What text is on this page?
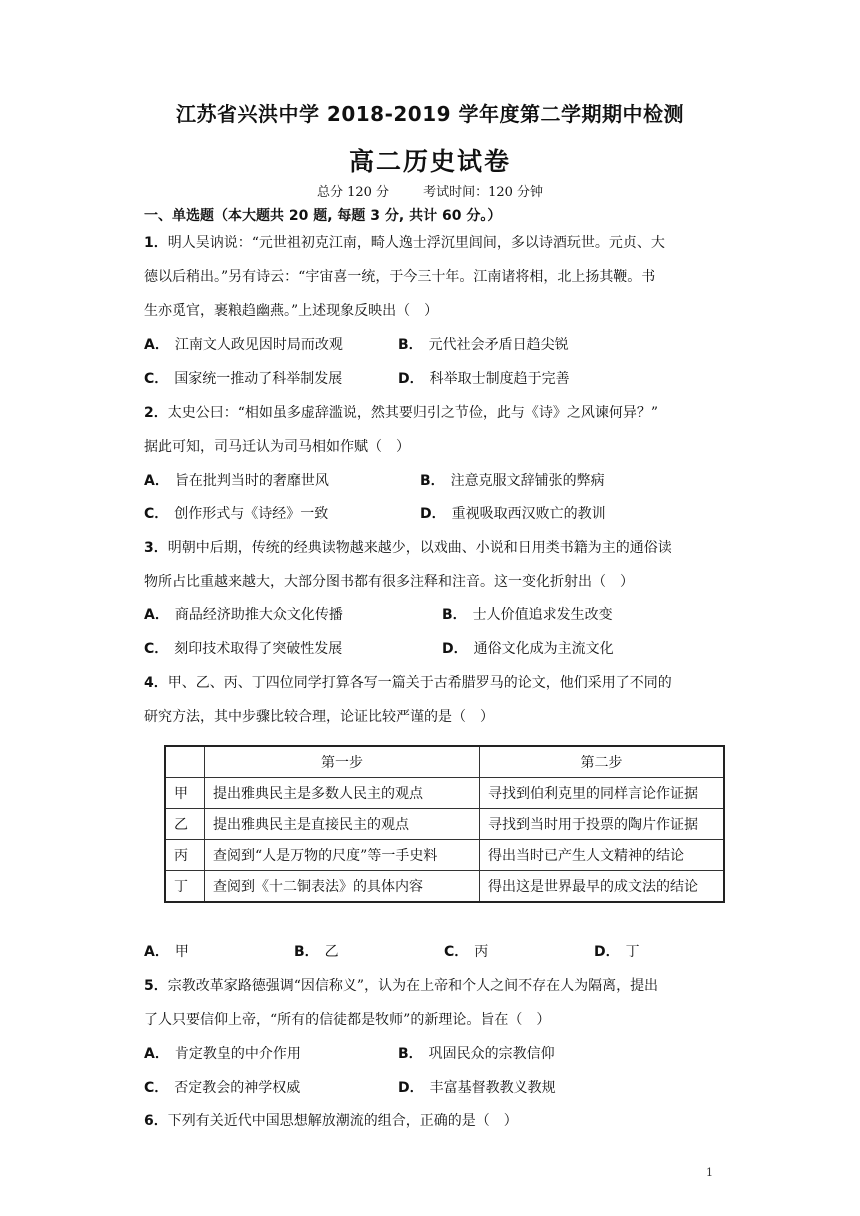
江苏省兴洪中学 2018-2019 学年度第二学期期中检测
高二历史试卷
总分 120 分	考试时间：120 分钟
一、单选题（本大题共 20 题, 每题 3 分, 共计 60 分。）
1．明人吴讷说：“元世祖初克江南，畸人逸士浮沉里闾间，多以诗酒玩世。元贞、大
德以后稍出。”另有诗云：“宇宙喜一统，于今三十年。江南诸将相，北上扬其鞭。书
生亦觅官，裹粮趋幽燕。”上述现象反映出（　）
A． 江南文人政见因时局而改观	B． 元代社会矛盾日趋尖锐
C． 国家统一推动了科举制发展	D． 科举取士制度趋于完善
2．太史公曰：“相如虽多虚辞滥说，然其要归引之节俭，此与《诗》之风谏何异？”
据此可知，司马迁认为司马相如作赋（　）
A． 旨在批判当时的奢靡世风	B． 注意克服文辞铺张的弊病
C． 创作形式与《诗经》一致	D． 重视吸取西汉败亡的教训
3．明朝中后期，传统的经典读物越来越少，以戏曲、小说和日用类书籍为主的通俗读
物所占比重越来越大，大部分图书都有很多注释和注音。这一变化折射出（　）
A． 商品经济助推大众文化传播	B． 士人价值追求发生改变
C． 刻印技术取得了突破性发展	D． 通俗文化成为主流文化
4．甲、乙、丙、丁四位同学打算各写一篇关于古希腊罗马的论文，他们采用了不同的
研究方法，其中步骤比较合理，论证比较严谨的是（　）
	第一步	第二步
甲	提出雅典民主是多数人民主的观点	寻找到伯利克里的同样言论作证据
乙	提出雅典民主是直接民主的观点	寻找到当时用于投票的陶片作证据
丙	查阅到“人是万物的尺度”等一手史料	得出当时已产生人文精神的结论
丁	查阅到《十二铜表法》的具体内容	得出这是世界最早的成文法的结论
A． 甲	B． 乙	C． 丙	D． 丁
5．宗教改革家路德强调“因信称义”，认为在上帝和个人之间不存在人为隔离，提出
了人只要信仰上帝，“所有的信徒都是牧师”的新理论。旨在（　）
A． 肯定教皇的中介作用	B． 巩固民众的宗教信仰
C． 否定教会的神学权威	D． 丰富基督教教义教规
6．下列有关近代中国思想解放潮流的组合，正确的是（　）
1
